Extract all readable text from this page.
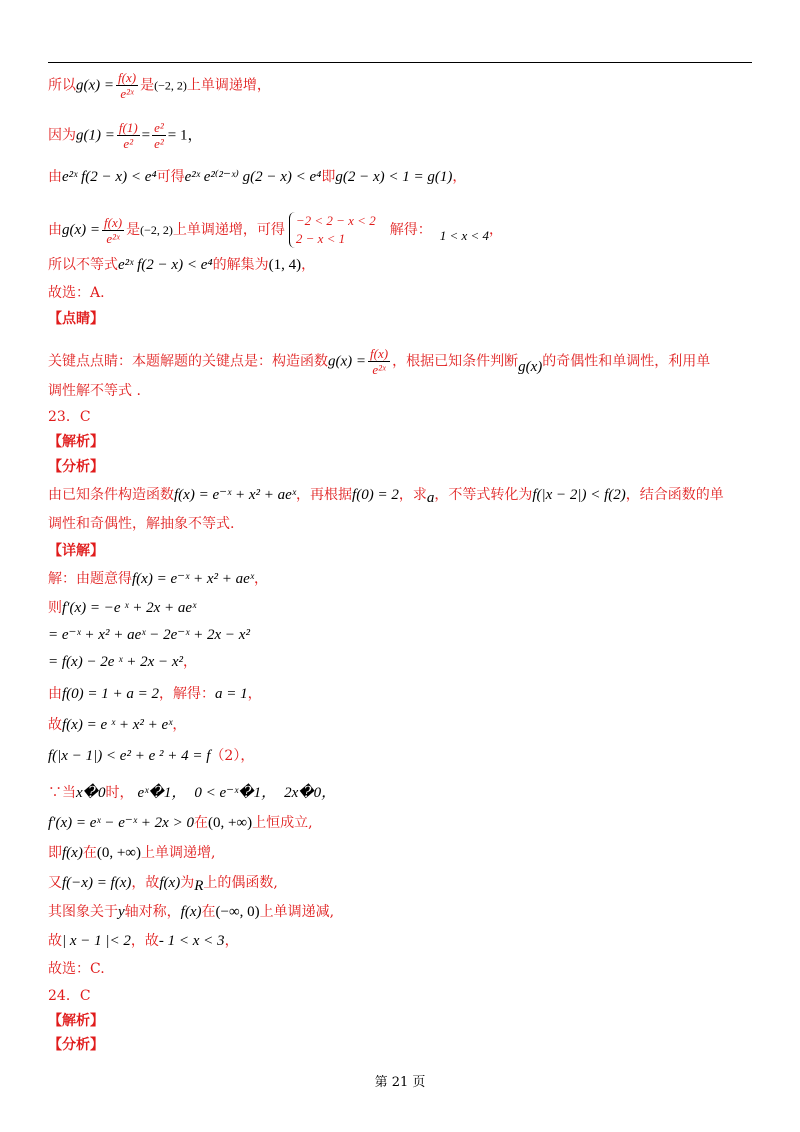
所以$g(x) = \frac{f(x)}{\text{e²ˣ}}$ 是(−2, 2)上单调递增，
因为$g(1) = \frac{f(1)}{\text{e²}} = \frac{\text{e²}}{\text{e²}} = 1$，
由e²ˣ f(2 − x) < e⁴可得e²ˣ e²⁽²⁻ˣ⁾ g(2 − x) < e⁴即g(2 − x) < 1 = g(1)，
由$g(x) = \frac{f(x)}{\text{e²ˣ}}$ 是(−2, 2)上单调递增，可得
−2 < 2 − x < 2
2 − x < 1
解得： 1 < x < 4，
所以不等式e²ˣ f(2 − x) < e⁴的解集为(1, 4)，
故选：A.
【点睛】
关键点点睛：本题解题的关键点是：构造函数$g(x) = \frac{f(x)}{\text{e²ˣ}}$ ，根据已知条件判断g(x)的奇偶性和单调性，利用单
调性解不等式 .
23．C
【解析】
【分析】
由已知条件构造函数f(x) = e⁻ˣ + x² + aeˣ，再根据f(0) = 2，求a，不等式转化为f(|x − 2|) < f(2)，结合函数的单
调性和奇偶性，解抽象不等式.
【详解】
解：由题意得f(x) = e⁻ˣ + x² + aeˣ，
则f′(x) = −e ˣ + 2x + aeˣ
= e⁻ˣ + x² + aeˣ − 2e⁻ˣ + 2x − x²
= f(x) − 2e ˣ + 2x − x²，
由f(0) = 1 + a = 2，解得：a = 1，
故f(x) = e ˣ + x² + eˣ，
f(|x − 1|) < e² + e ² + 4 = f（2），
∵当x�0时， eˣ�1， 0 < e⁻ˣ�1， 2x�0，
f′(x) = eˣ − e⁻ˣ + 2x > 0在(0, +∞)上恒成立,
即f(x)在(0, +∞)上单调递增,
又f(−x) = f(x)，故f(x)为R上的偶函数,
其图象关于y轴对称，f(x)在(−∞, 0)上单调递减,
故| x − 1 |< 2，故- 1 < x < 3，
故选：C.
24．C
【解析】
【分析】
第 21 页
